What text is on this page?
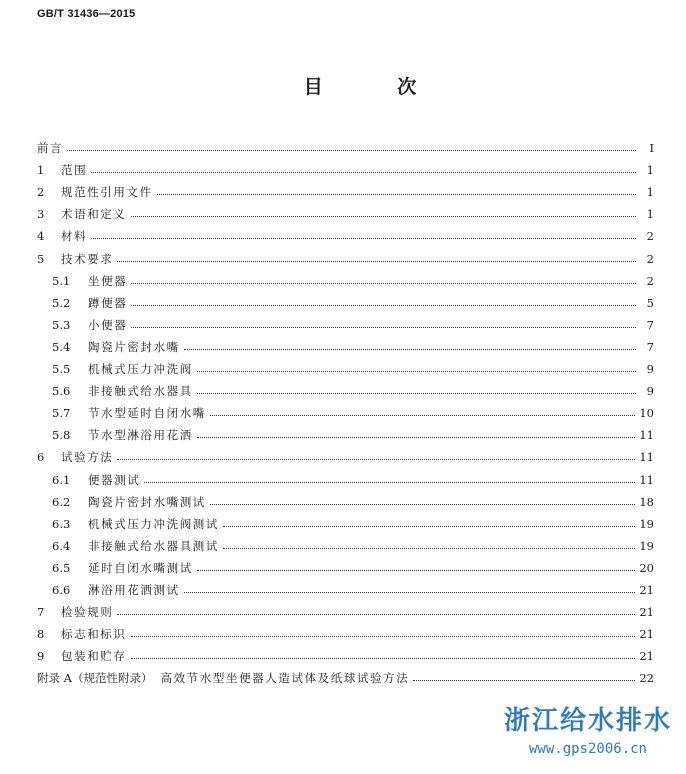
GB/T 31436—2015
目 次
前言	I
1	范围	1
2	规范性引用文件	1
3	术语和定义	1
4	材料	2
5	技术要求	2
5.1	坐便器	2
5.2	蹲便器	5
5.3	小便器	7
5.4	陶瓷片密封水嘴	7
5.5	机械式压力冲洗阀	9
5.6	非接触式给水器具	9
5.7	节水型延时自闭水嘴	10
5.8	节水型淋浴用花洒	11
6	试验方法	11
6.1	便器测试	11
6.2	陶瓷片密封水嘴测试	18
6.3	机械式压力冲洗阀测试	19
6.4	非接触式给水器具测试	19
6.5	延时自闭水嘴测试	20
6.6	淋浴用花洒测试	21
7	检验规则	21
8	标志和标识	21
9	包装和贮存	21
附录 A（规范性附录） 高效节水型坐便器人造试体及纸球试验方法	22
浙江给水排水
www.gps2006.cn
